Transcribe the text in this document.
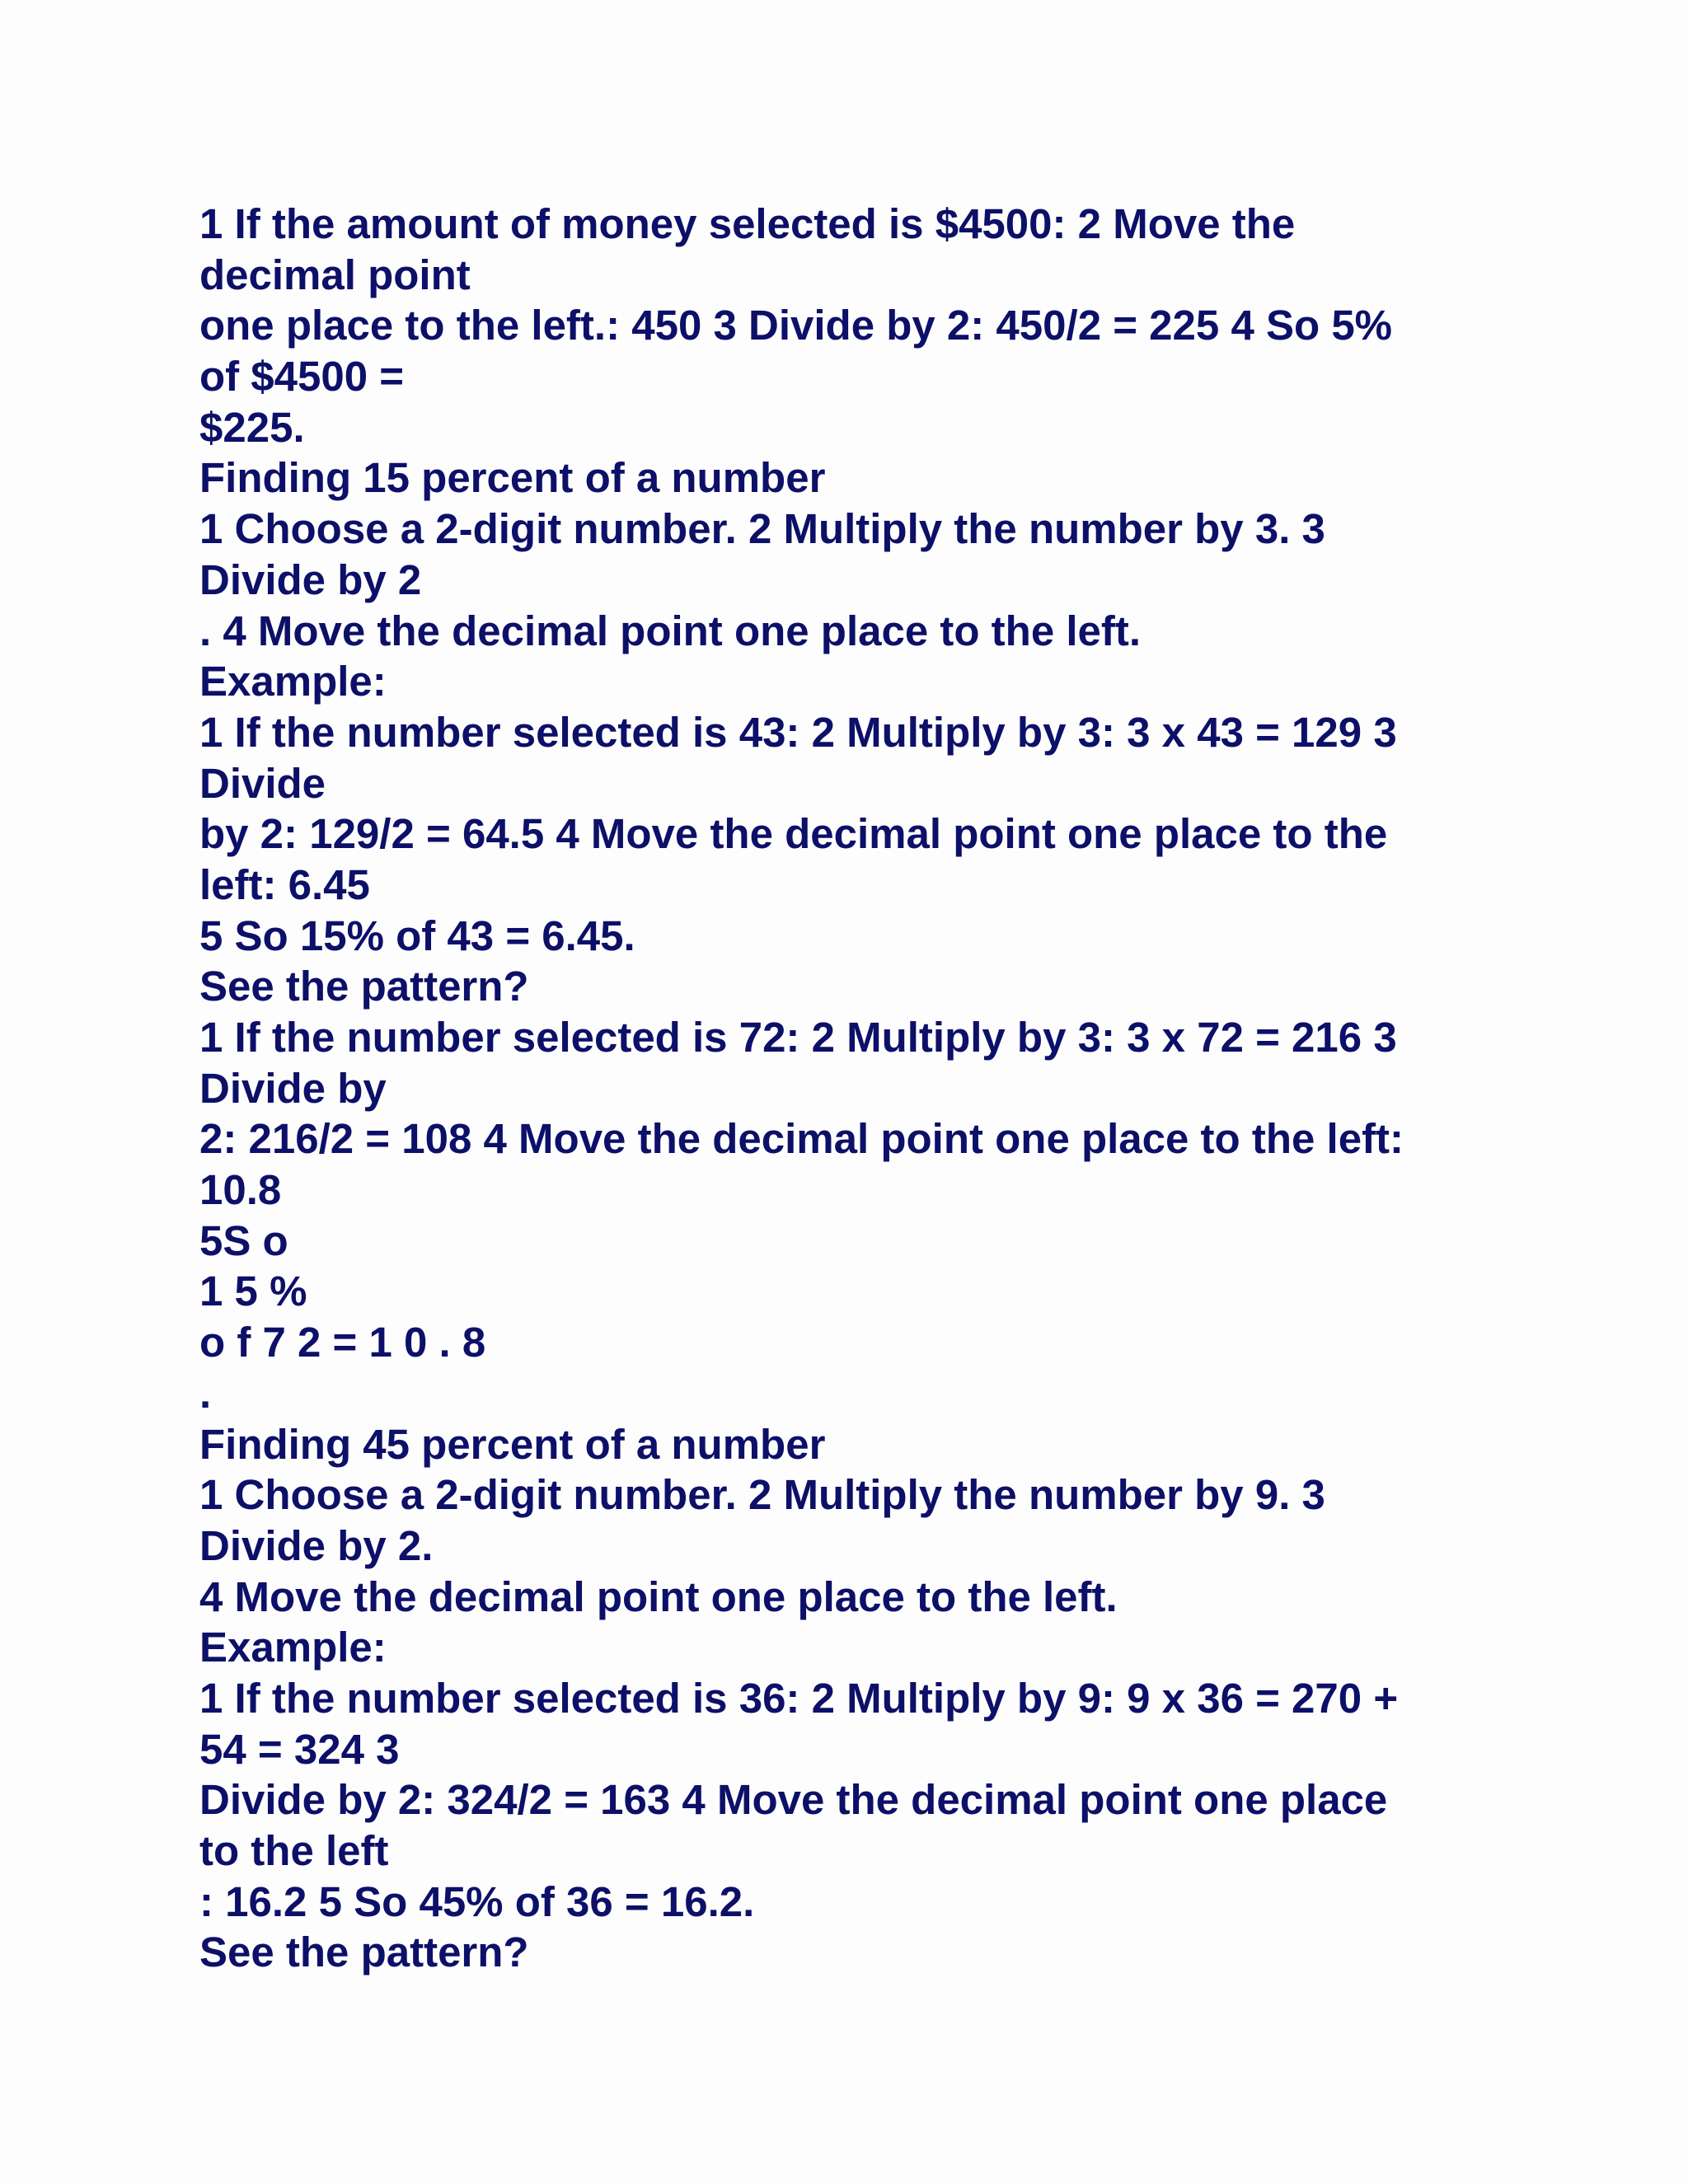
1 If the amount of money selected is $4500: 2 Move the
decimal point
one place to the left.: 450 3 Divide by 2: 450/2 = 225 4 So 5%
of $4500 =
$225.
Finding 15 percent of a number
1 Choose a 2-digit number. 2 Multiply the number by 3. 3
Divide by 2
. 4 Move the decimal point one place to the left.
Example:
1 If the number selected is 43: 2 Multiply by 3: 3 x 43 = 129 3
Divide
by 2: 129/2 = 64.5 4 Move the decimal point one place to the
left: 6.45
5 So 15% of 43 = 6.45.
See the pattern?
1 If the number selected is 72: 2 Multiply by 3: 3 x 72 = 216 3
Divide by
2: 216/2 = 108 4 Move the decimal point one place to the left:
10.8
5S o
1 5 %
o f 7 2 = 1 0 . 8
.
Finding 45 percent of a number
1 Choose a 2-digit number. 2 Multiply the number by 9. 3
Divide by 2.
4 Move the decimal point one place to the left.
Example:
1 If the number selected is 36: 2 Multiply by 9: 9 x 36 = 270 +
54 = 324 3
Divide by 2: 324/2 = 163 4 Move the decimal point one place
to the left
: 16.2 5 So 45% of 36 = 16.2.
See the pattern?
